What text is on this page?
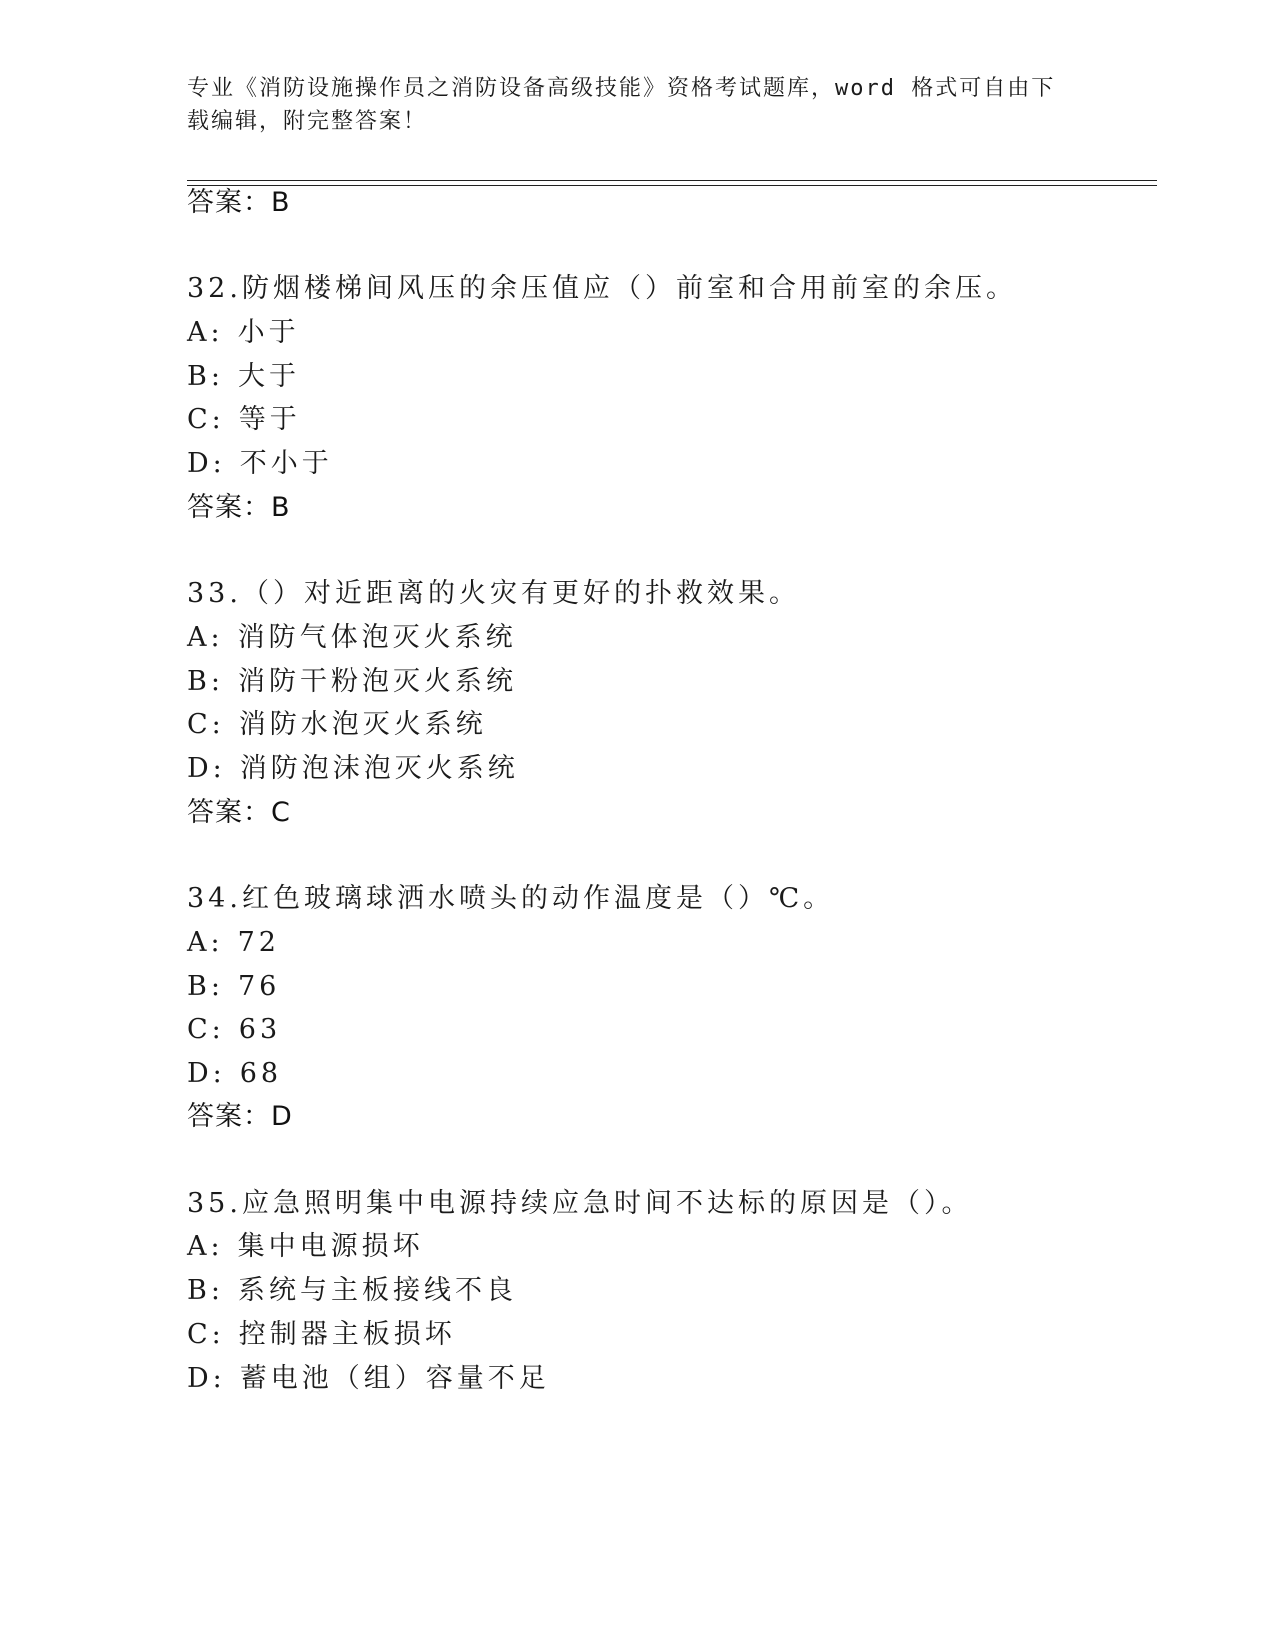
专业《消防设施操作员之消防设备高级技能》资格考试题库，word 格式可自由下
载编辑，附完整答案！
答案：B
32.防烟楼梯间风压的余压值应（）前室和合用前室的余压。
A: 小于
B: 大于
C: 等于
D: 不小于
答案：B
33.（）对近距离的火灾有更好的扑救效果。
A: 消防气体泡灭火系统
B: 消防干粉泡灭火系统
C: 消防水泡灭火系统
D: 消防泡沫泡灭火系统
答案：C
34.红色玻璃球洒水喷头的动作温度是（）℃。
A: 72
B: 76
C: 63
D: 68
答案：D
35.应急照明集中电源持续应急时间不达标的原因是（）。
A: 集中电源损坏
B: 系统与主板接线不良
C: 控制器主板损坏
D: 蓄电池（组）容量不足
